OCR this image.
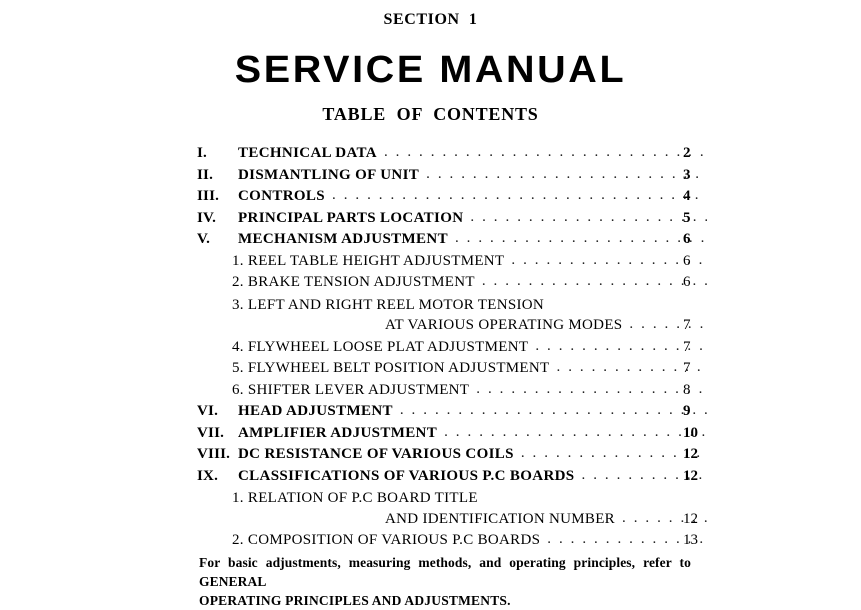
SECTION  1
SERVICE MANUAL
TABLE  OF  CONTENTS
I.	TECHNICAL DATA . . .	2
II.	DISMANTLING OF UNIT . . .	3
III.	CONTROLS . . .	4
IV.	PRINCIPAL PARTS LOCATION . . .	5
V.	MECHANISM ADJUSTMENT . . .	6
1. REEL TABLE HEIGHT ADJUSTMENT . . .	6
2. BRAKE TENSION ADJUSTMENT . . .	6
3. LEFT AND RIGHT REEL MOTOR TENSION
AT VARIOUS OPERATING MODES . . .	7
4. FLYWHEEL LOOSE PLAT ADJUSTMENT . . .	7
5. FLYWHEEL BELT POSITION ADJUSTMENT . . .	7
6. SHIFTER LEVER ADJUSTMENT . . .	8
VI.	HEAD ADJUSTMENT . . .	9
VII. AMPLIFIER ADJUSTMENT . . .	10
VIII. DC RESISTANCE OF VARIOUS COILS . . .	12
IX.	CLASSIFICATIONS OF VARIOUS P.C BOARDS . . .	12
1. RELATION OF P.C BOARD TITLE
AND IDENTIFICATION NUMBER . . .	12
2. COMPOSITION OF VARIOUS P.C BOARDS . . .	13
For basic adjustments, measuring methods, and operating principles, refer to GENERAL
OPERATING PRINCIPLES AND ADJUSTMENTS.
